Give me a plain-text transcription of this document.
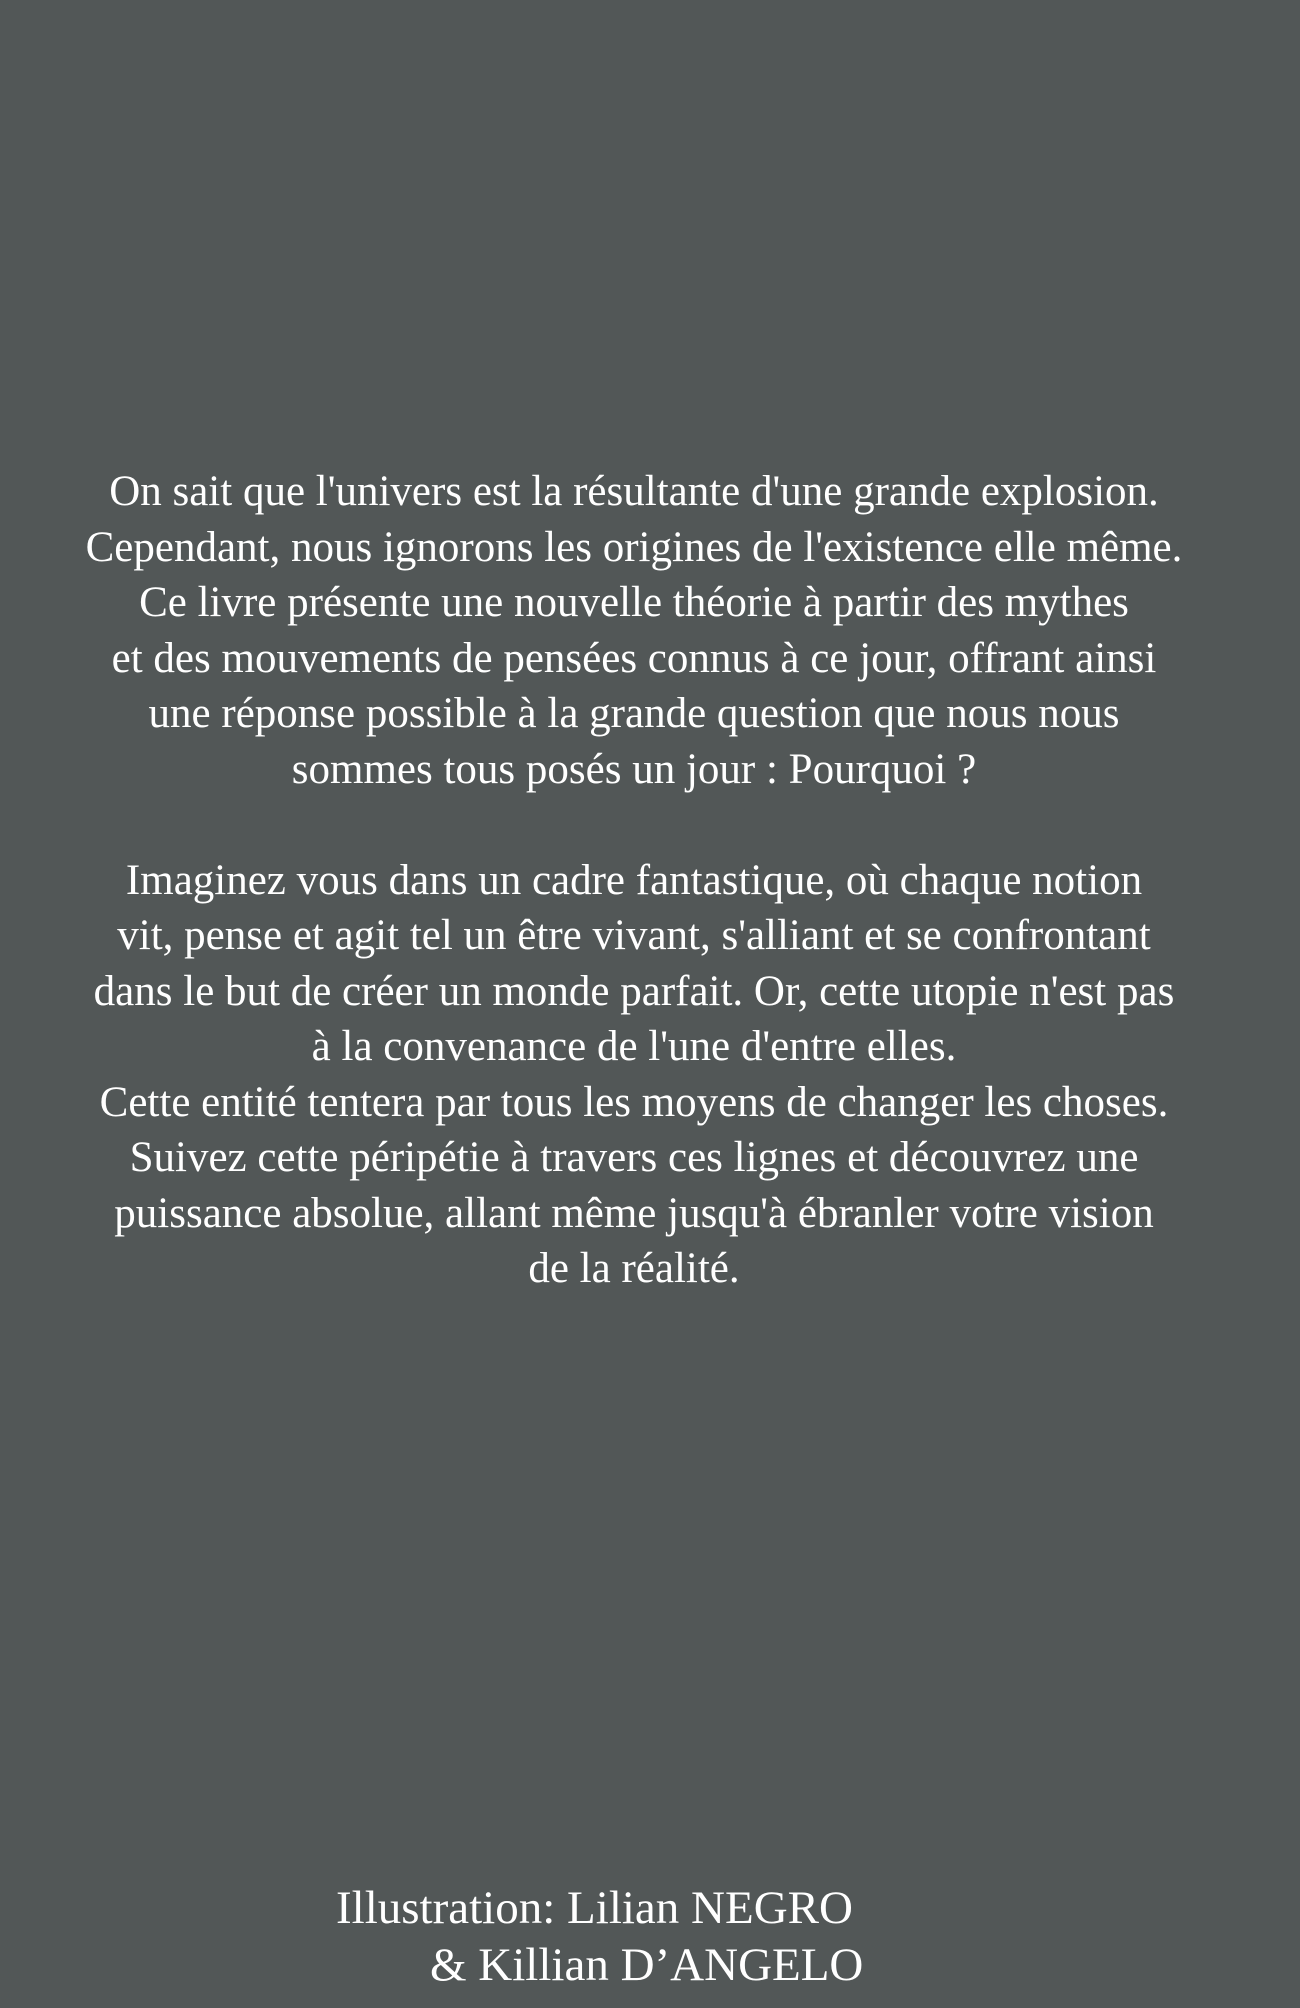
On sait que l'univers est la résultante d'une grande explosion.
Cependant, nous ignorons les origines de l'existence elle même.
Ce livre présente une nouvelle théorie à partir des mythes
et des mouvements de pensées connus à ce jour, offrant ainsi
une réponse possible à la grande question que nous nous
sommes tous posés un jour : Pourquoi ?
Imaginez vous dans un cadre fantastique, où chaque notion
vit, pense et agit tel un être vivant, s'alliant et se confrontant
dans le but de créer un monde parfait. Or, cette utopie n'est pas
à la convenance de l'une d'entre elles.
Cette entité tentera par tous les moyens de changer les choses.
Suivez cette péripétie à travers ces lignes et découvrez une
puissance absolue, allant même jusqu'à ébranler votre vision
de la réalité.
Illustration: Lilian NEGRO
& Killian D’ANGELO
